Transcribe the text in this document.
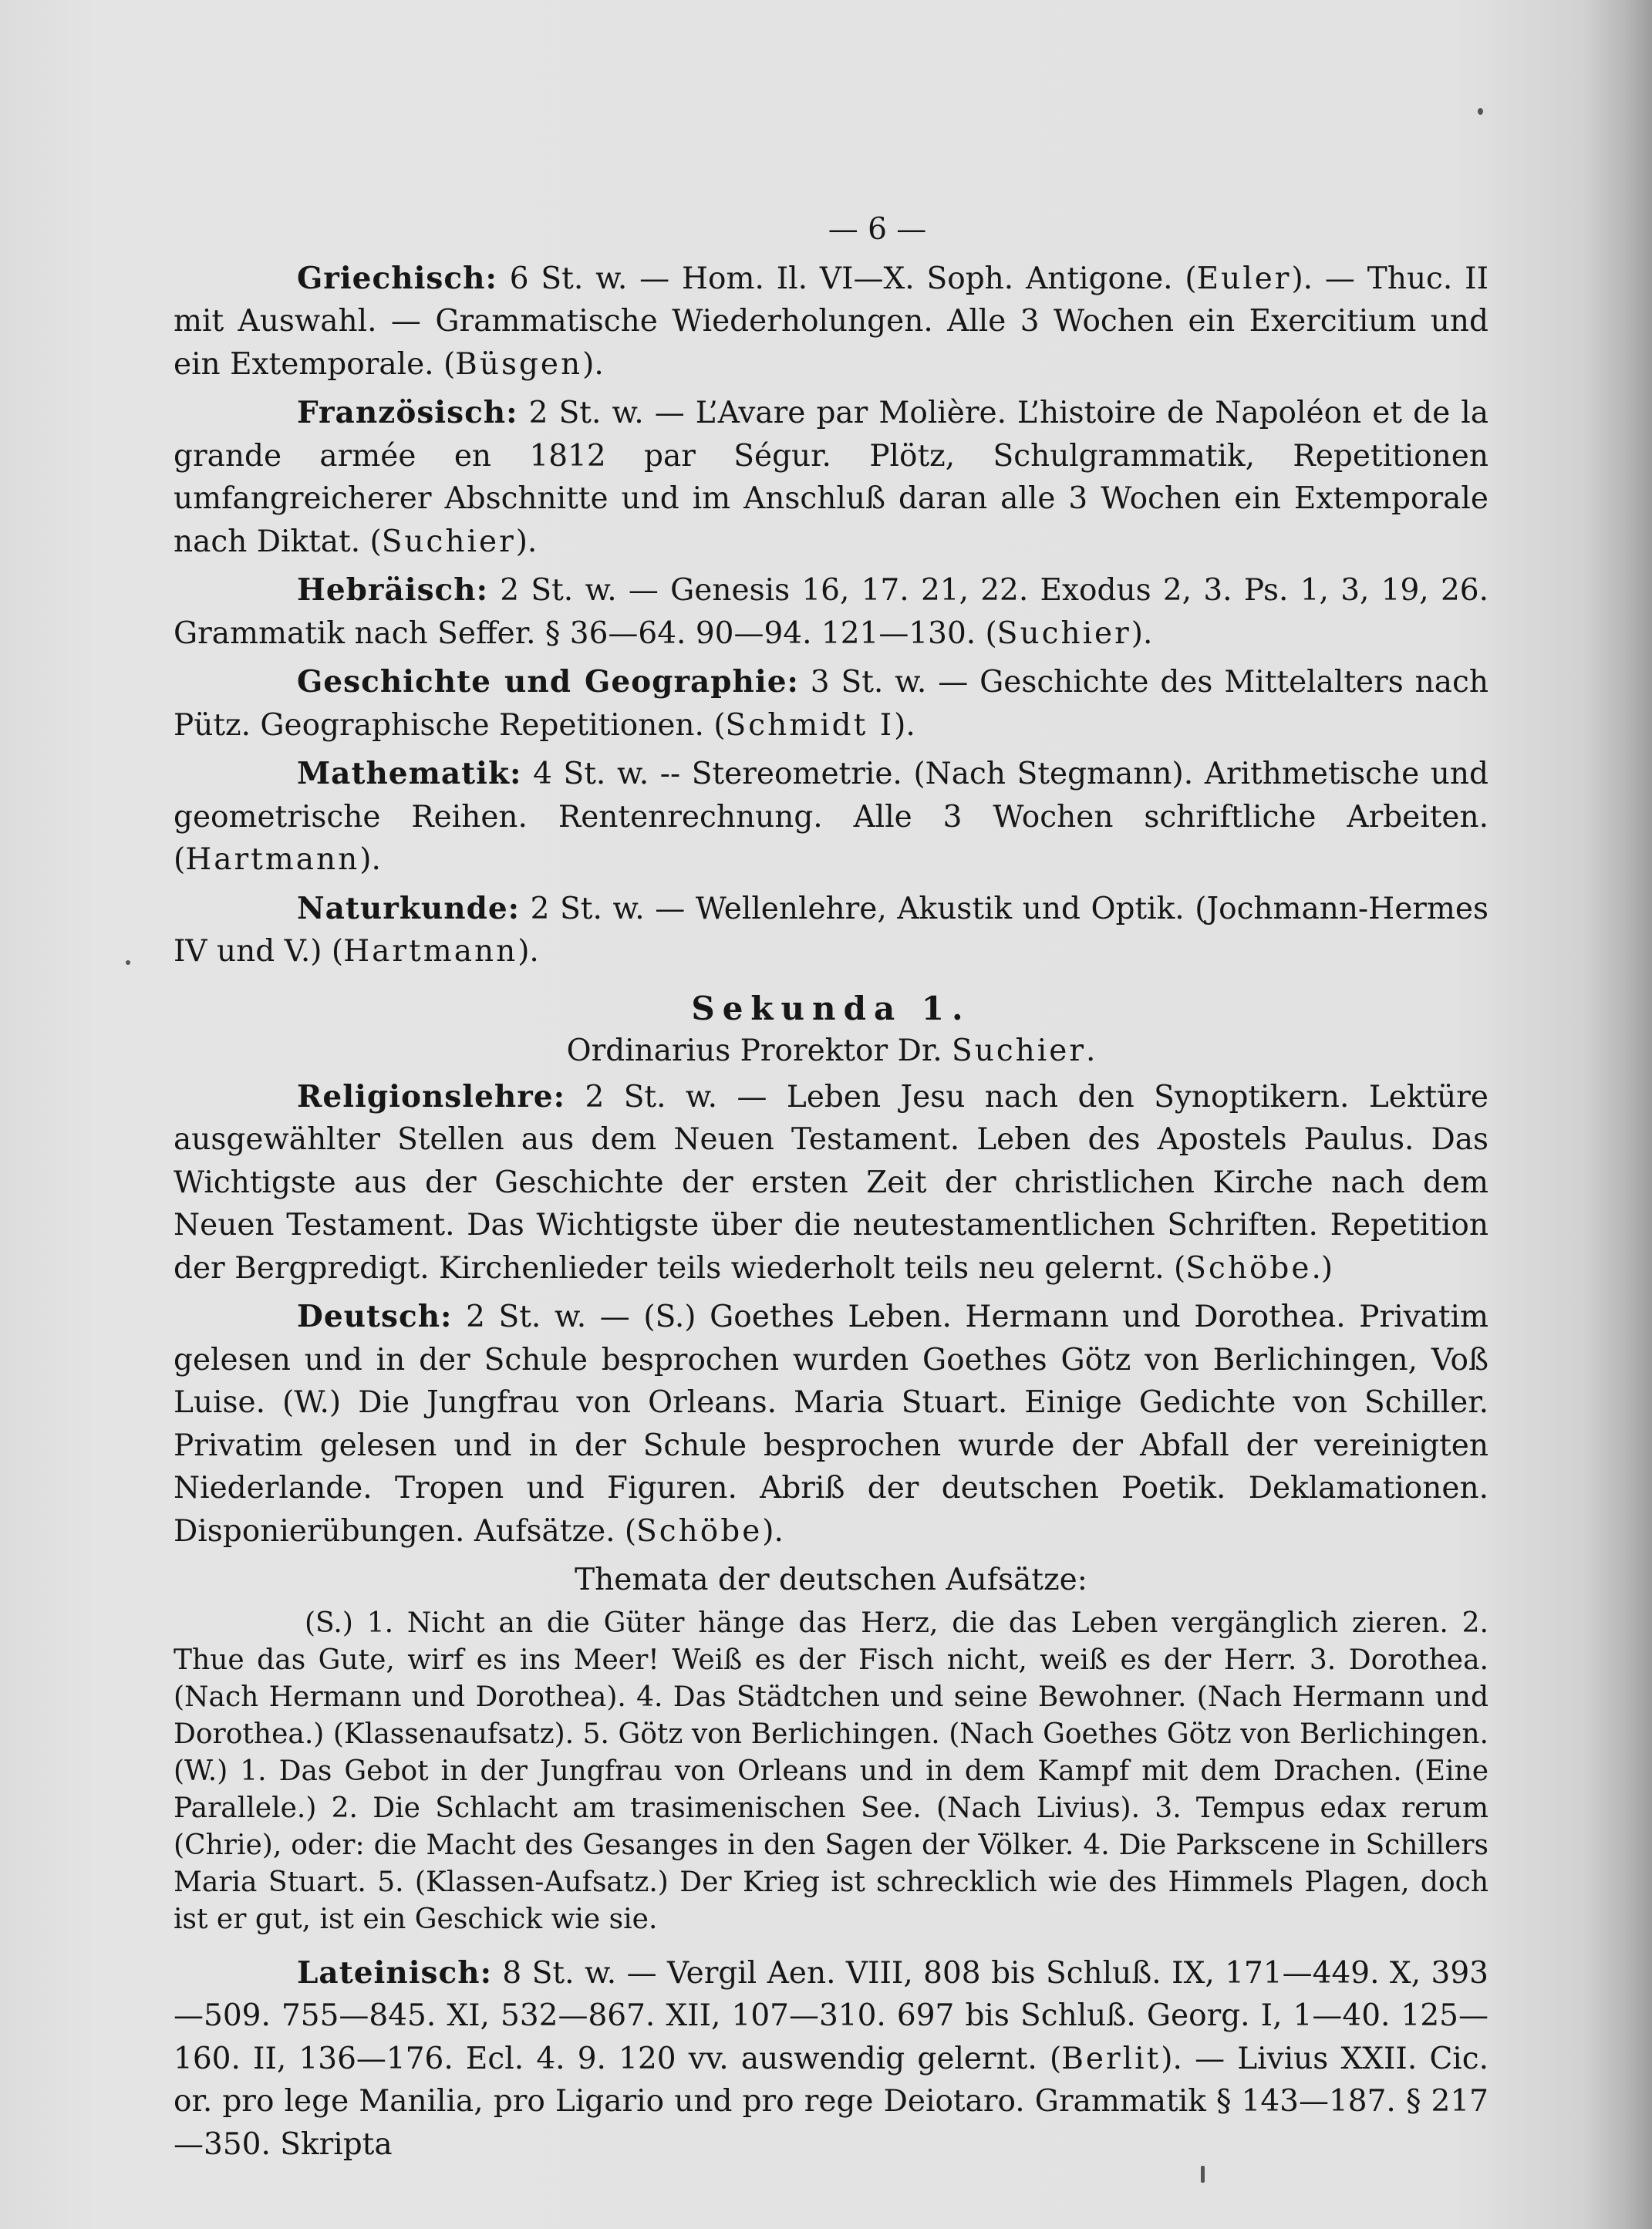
— 6 —

Griechisch: 6 St. w. — Hom. Il. VI—X. Soph. Antigone. (Euler). — Thuc. II mit Auswahl. — Grammatische Wiederholungen. Alle 3 Wochen ein Exercitium und ein Extemporale. (Büsgen).

Französisch: 2 St. w. — L’Avare par Molière. L’histoire de Napoléon et de la grande armée en 1812 par Ségur. Plötz, Schulgrammatik, Repetitionen umfangreicherer Abschnitte und im Anschluß daran alle 3 Wochen ein Extemporale nach Diktat. (Suchier).

Hebräisch: 2 St. w. — Genesis 16, 17. 21, 22. Exodus 2, 3. Ps. 1, 3, 19, 26. Grammatik nach Seffer. § 36—64. 90—94. 121—130. (Suchier).

Geschichte und Geographie: 3 St. w. — Geschichte des Mittelalters nach Pütz. Geographische Repetitionen. (Schmidt I).

Mathematik: 4 St. w. -- Stereometrie. (Nach Stegmann). Arithmetische und geometrische Reihen. Rentenrechnung. Alle 3 Wochen schriftliche Arbeiten. (Hartmann).

Naturkunde: 2 St. w. — Wellenlehre, Akustik und Optik. (Jochmann-Hermes IV und V.) (Hartmann).

Sekunda 1.
Ordinarius Prorektor Dr. Suchier.

Religionslehre: 2 St. w. — Leben Jesu nach den Synoptikern. Lektüre ausgewählter Stellen aus dem Neuen Testament. Leben des Apostels Paulus. Das Wichtigste aus der Geschichte der ersten Zeit der christlichen Kirche nach dem Neuen Testament. Das Wichtigste über die neutestamentlichen Schriften. Repetition der Bergpredigt. Kirchenlieder teils wiederholt teils neu gelernt. (Schöbe.)

Deutsch: 2 St. w. — (S.) Goethes Leben. Hermann und Dorothea. Privatim gelesen und in der Schule besprochen wurden Goethes Götz von Berlichingen, Voß Luise. (W.) Die Jungfrau von Orleans. Maria Stuart. Einige Gedichte von Schiller. Privatim gelesen und in der Schule besprochen wurde der Abfall der vereinigten Niederlande. Tropen und Figuren. Abriß der deutschen Poetik. Deklamationen. Disponierübungen. Aufsätze. (Schöbe).

Themata der deutschen Aufsätze:
(S.) 1. Nicht an die Güter hänge das Herz, die das Leben vergänglich zieren. 2. Thue das Gute, wirf es ins Meer! Weiß es der Fisch nicht, weiß es der Herr. 3. Dorothea. (Nach Hermann und Dorothea). 4. Das Städtchen und seine Bewohner. (Nach Hermann und Dorothea.) (Klassenaufsatz). 5. Götz von Berlichingen. (Nach Goethes Götz von Berlichingen. (W.) 1. Das Gebot in der Jungfrau von Orleans und in dem Kampf mit dem Drachen. (Eine Parallele.) 2. Die Schlacht am trasimenischen See. (Nach Livius). 3. Tempus edax rerum (Chrie), oder: die Macht des Gesanges in den Sagen der Völker. 4. Die Parkscene in Schillers Maria Stuart. 5. (Klassen-Aufsatz.) Der Krieg ist schrecklich wie des Himmels Plagen, doch ist er gut, ist ein Geschick wie sie.

Lateinisch: 8 St. w. — Vergil Aen. VIII, 808 bis Schluß. IX, 171—449. X, 393—509. 755—845. XI, 532—867. XII, 107—310. 697 bis Schluß. Georg. I, 1—40. 125—160. II, 136—176. Ecl. 4. 9. 120 vv. auswendig gelernt. (Berlit). — Livius XXII. Cic. or. pro lege Manilia, pro Ligario und pro rege Deiotaro. Grammatik § 143—187. § 217—350. Skripta
